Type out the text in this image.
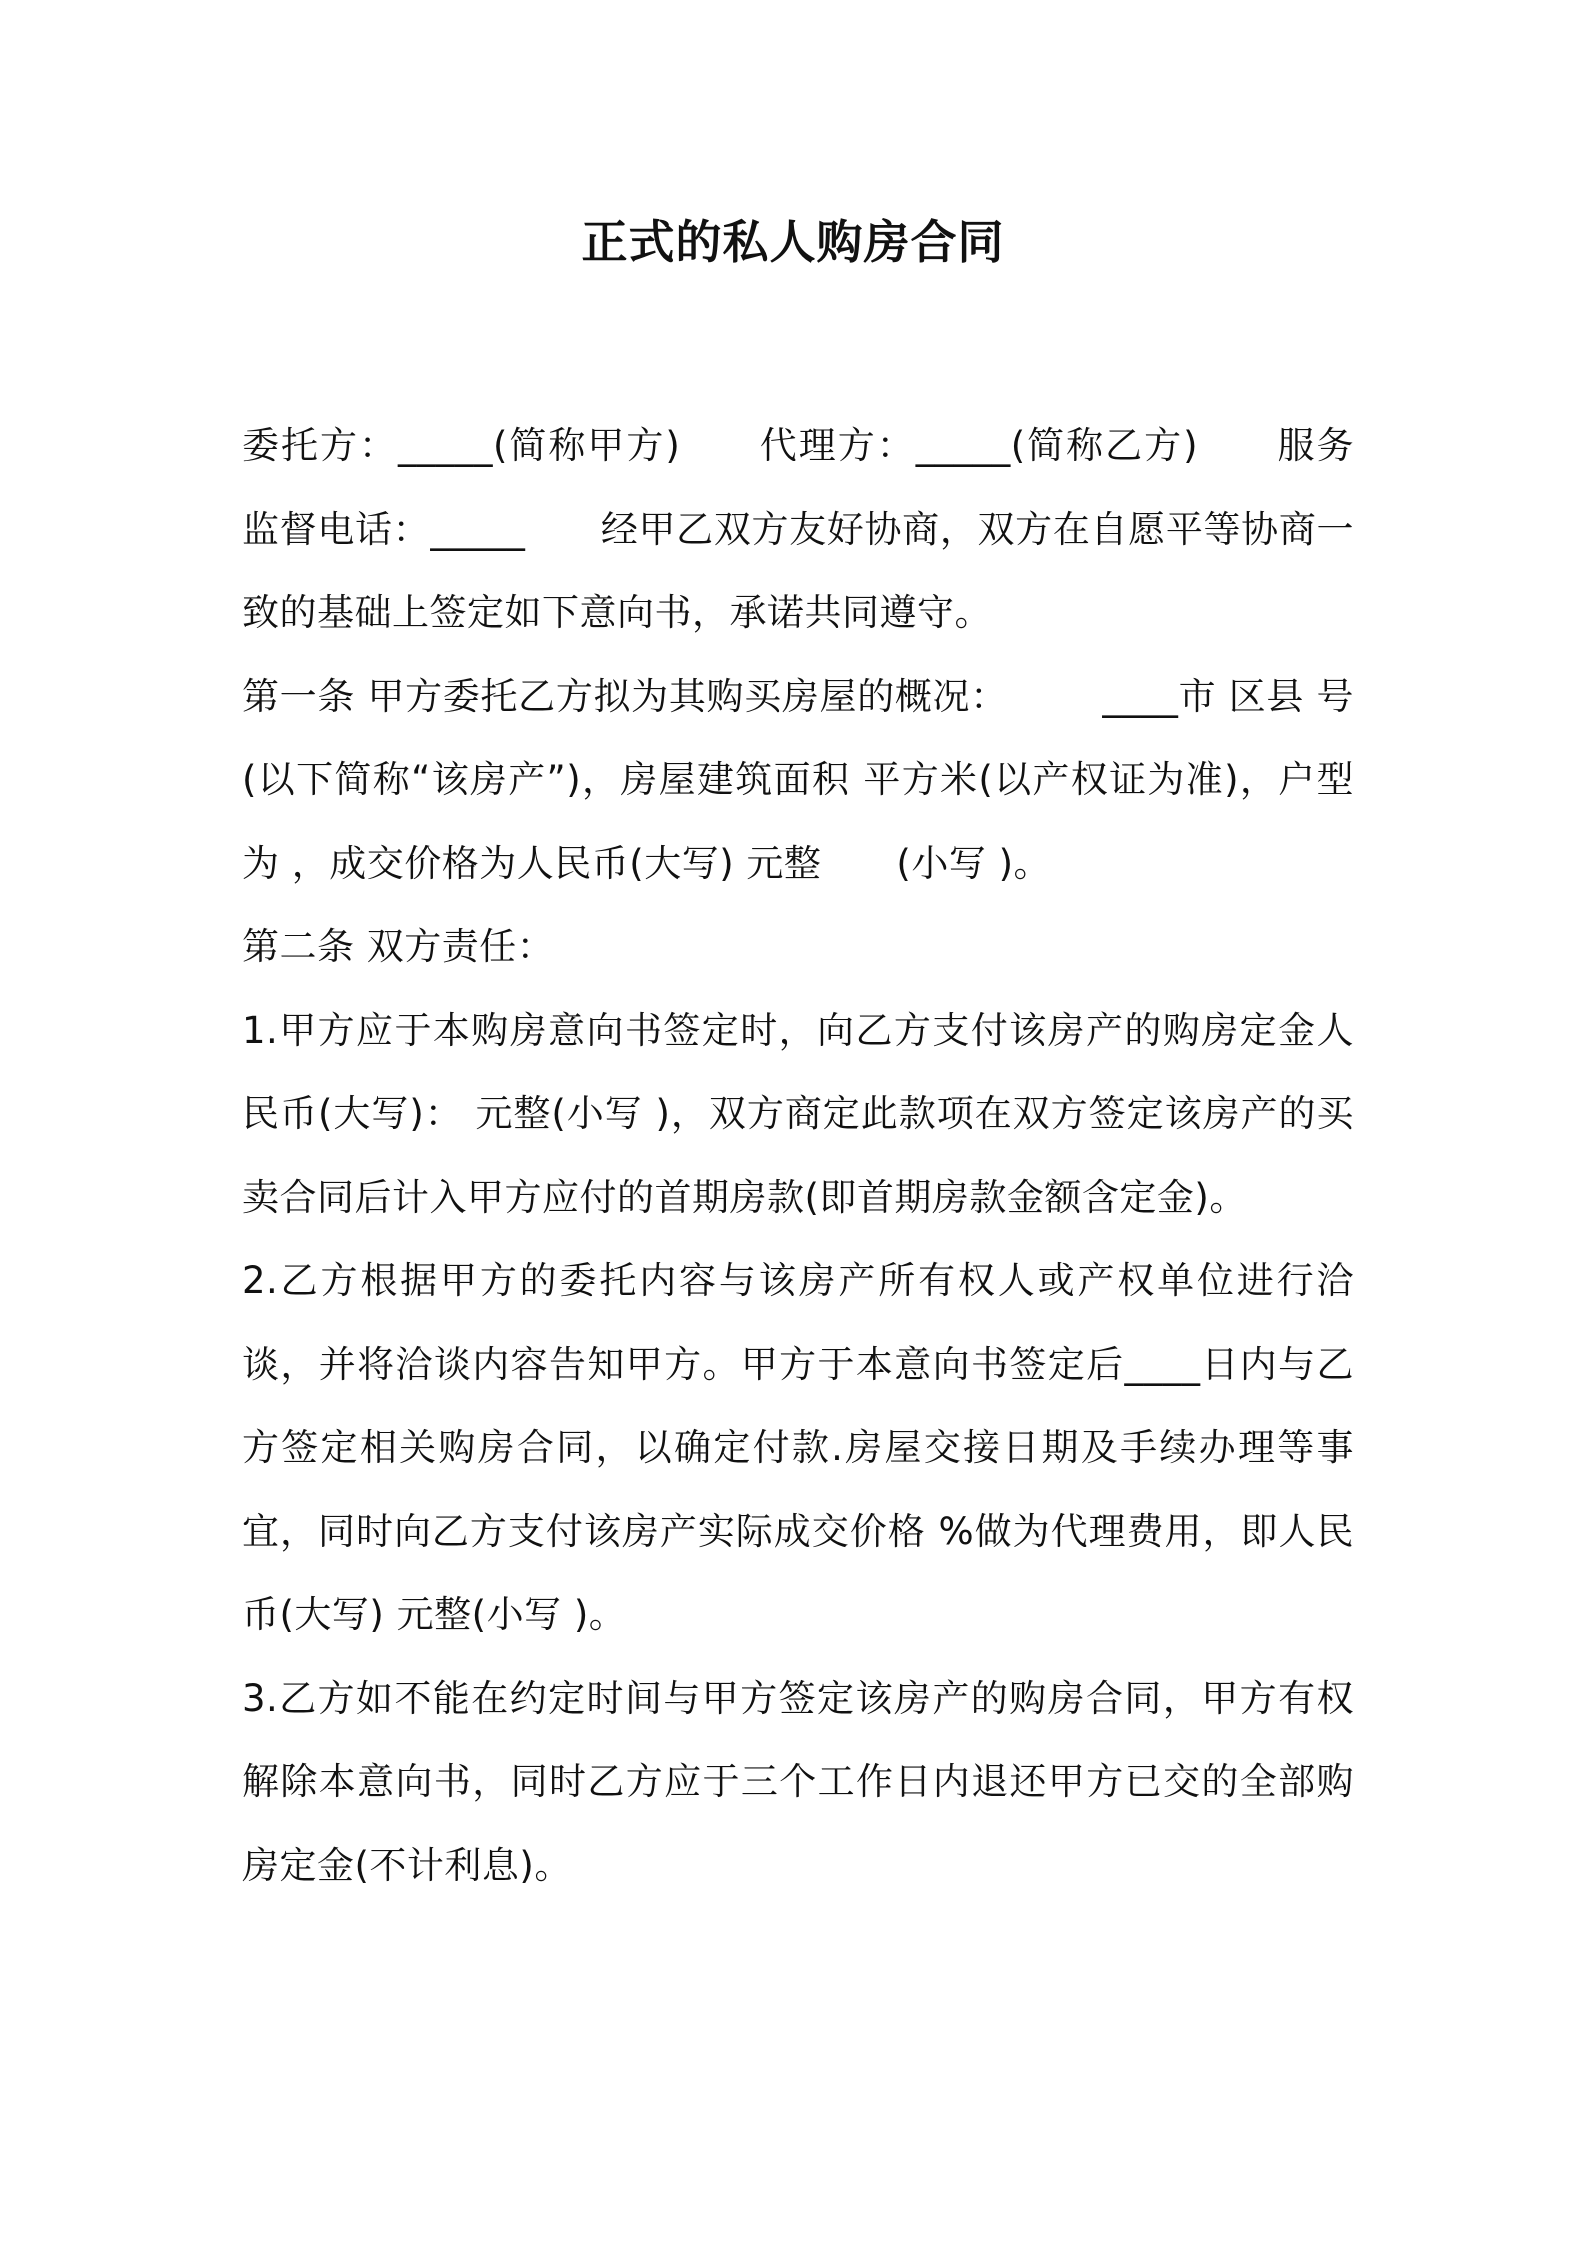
正式的私人购房合同

委托方：_____(简称甲方)　　代理方：_____(简称乙方)　　服务监督电话：_____　　经甲乙双方友好协商，双方在自愿平等协商一致的基础上签定如下意向书，承诺共同遵守。

第一条 甲方委托乙方拟为其购买房屋的概况：　　　____市 区县 号(以下简称“该房产”)，房屋建筑面积 平方米(以产权证为准)，户型为 ，成交价格为人民币(大写) 元整　　(小写 )。

第二条 双方责任：

1.甲方应于本购房意向书签定时，向乙方支付该房产的购房定金人民币(大写)： 元整(小写 )，双方商定此款项在双方签定该房产的买卖合同后计入甲方应付的首期房款(即首期房款金额含定金)。

2.乙方根据甲方的委托内容与该房产所有权人或产权单位进行洽谈，并将洽谈内容告知甲方。甲方于本意向书签定后____日内与乙方签定相关购房合同，以确定付款.房屋交接日期及手续办理等事宜，同时向乙方支付该房产实际成交价格 %做为代理费用，即人民币(大写) 元整(小写 )。

3.乙方如不能在约定时间与甲方签定该房产的购房合同，甲方有权解除本意向书，同时乙方应于三个工作日内退还甲方已交的全部购房定金(不计利息)。
